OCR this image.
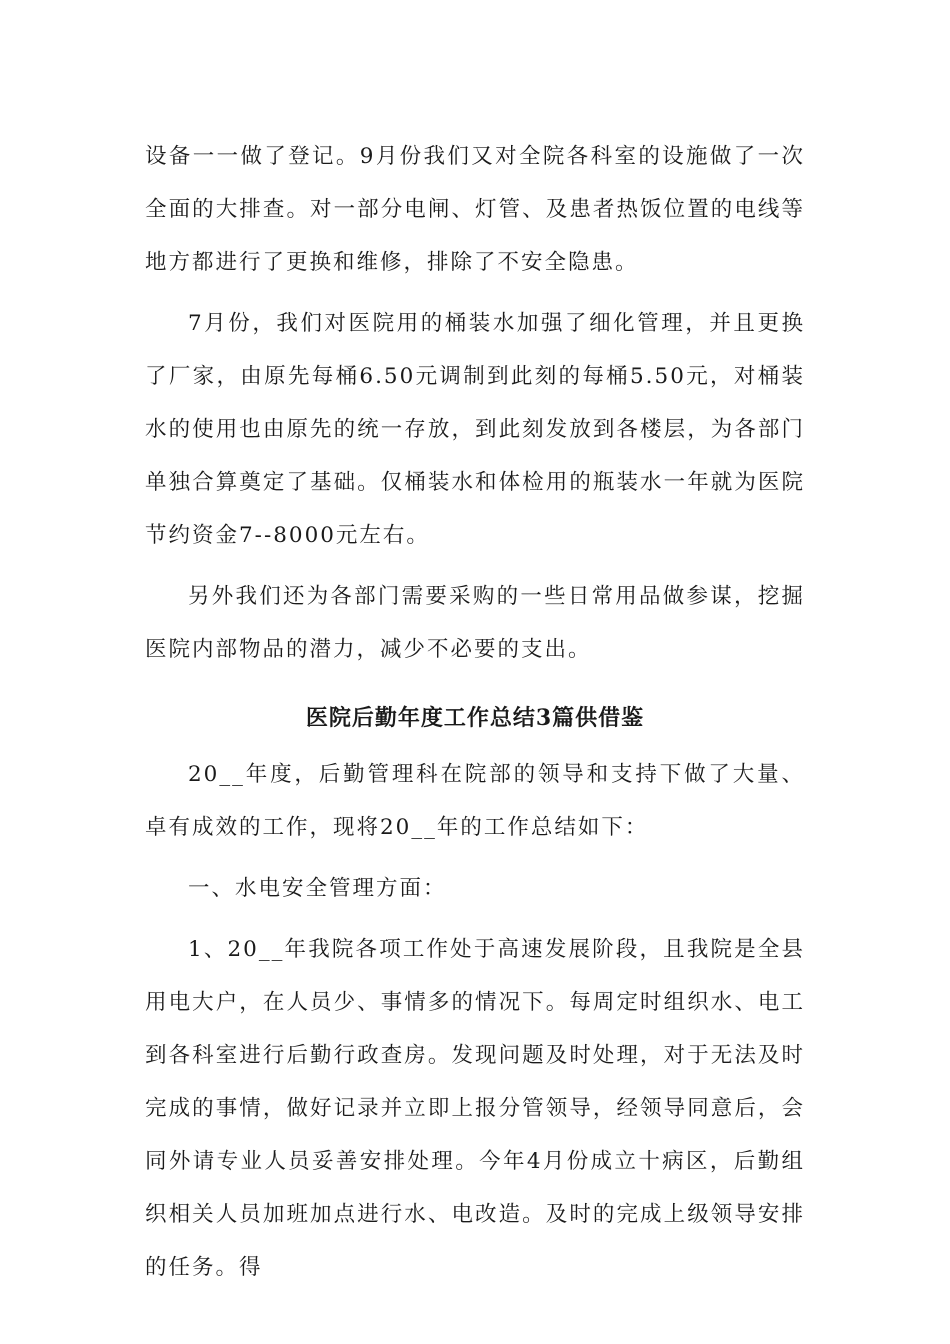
设备一一做了登记。9月份我们又对全院各科室的设施做了一次全面的大排查。对一部分电闸、灯管、及患者热饭位置的电线等地方都进行了更换和维修，排除了不安全隐患。

7月份，我们对医院用的桶装水加强了细化管理，并且更换了厂家，由原先每桶6.50元调制到此刻的每桶5.50元，对桶装水的使用也由原先的统一存放，到此刻发放到各楼层，为各部门单独合算奠定了基础。仅桶装水和体检用的瓶装水一年就为医院节约资金7--8000元左右。

另外我们还为各部门需要采购的一些日常用品做参谋，挖掘医院内部物品的潜力，减少不必要的支出。

医院后勤年度工作总结3篇供借鉴

20__年度，后勤管理科在院部的领导和支持下做了大量、卓有成效的工作，现将20__年的工作总结如下：

一、水电安全管理方面：

1、20__年我院各项工作处于高速发展阶段，且我院是全县用电大户，在人员少、事情多的情况下。每周定时组织水、电工到各科室进行后勤行政查房。发现问题及时处理，对于无法及时完成的事情，做好记录并立即上报分管领导，经领导同意后，会同外请专业人员妥善安排处理。今年4月份成立十病区，后勤组织相关人员加班加点进行水、电改造。及时的完成上级领导安排的任务。得
